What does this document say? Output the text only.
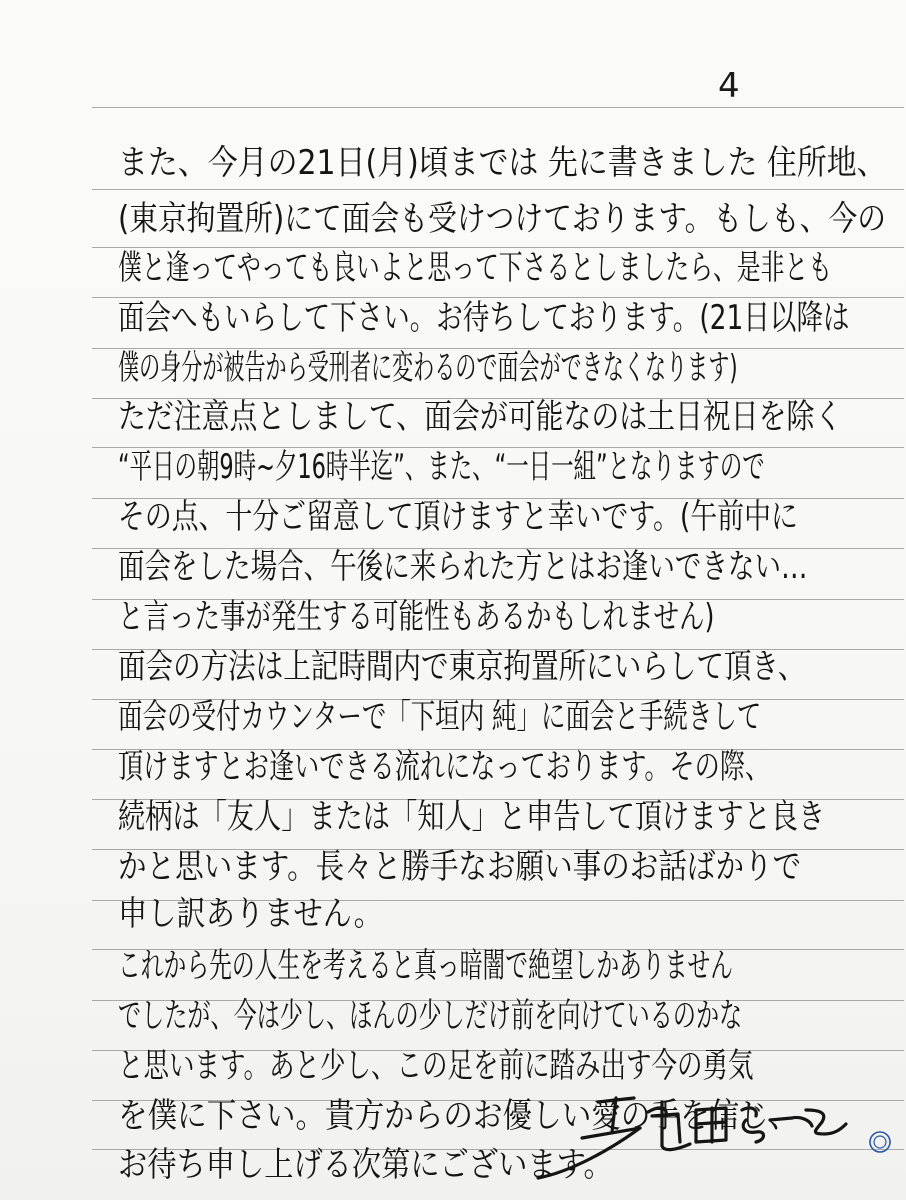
4
また、今月の21日(月)頃までは 先に書きました 住所地、
(東京拘置所)にて面会も受けつけております。もしも、今の
僕と逢ってやっても良いよと思って下さるとしましたら、是非とも
面会へもいらして下さい。お待ちしております。(21日以降は
僕の身分が被告から受刑者に変わるので面会ができなくなります)
ただ注意点としまして、面会が可能なのは土日祝日を除く
“平日の朝9時~夕16時半迄”、また、“一日一組”となりますので
その点、十分ご留意して頂けますと幸いです。(午前中に
面会をした場合、午後に来られた方とはお逢いできない…
と言った事が発生する可能性もあるかもしれません)
面会の方法は上記時間内で東京拘置所にいらして頂き、
面会の受付カウンターで「下垣内 純」に面会と手続きして
頂けますとお逢いできる流れになっております。その際、
続柄は「友人」または「知人」と申告して頂けますと良き
かと思います。長々と勝手なお願い事のお話ばかりで
申し訳ありません。
これから先の人生を考えると真っ暗闇で絶望しかありません
でしたが、今は少し、ほんの少しだけ前を向けているのかな
と思います。あと少し、この足を前に踏み出す今の勇気
を僕に下さい。貴方からのお優しい愛の手を信じ、
お待ち申し上げる次第にございます。
